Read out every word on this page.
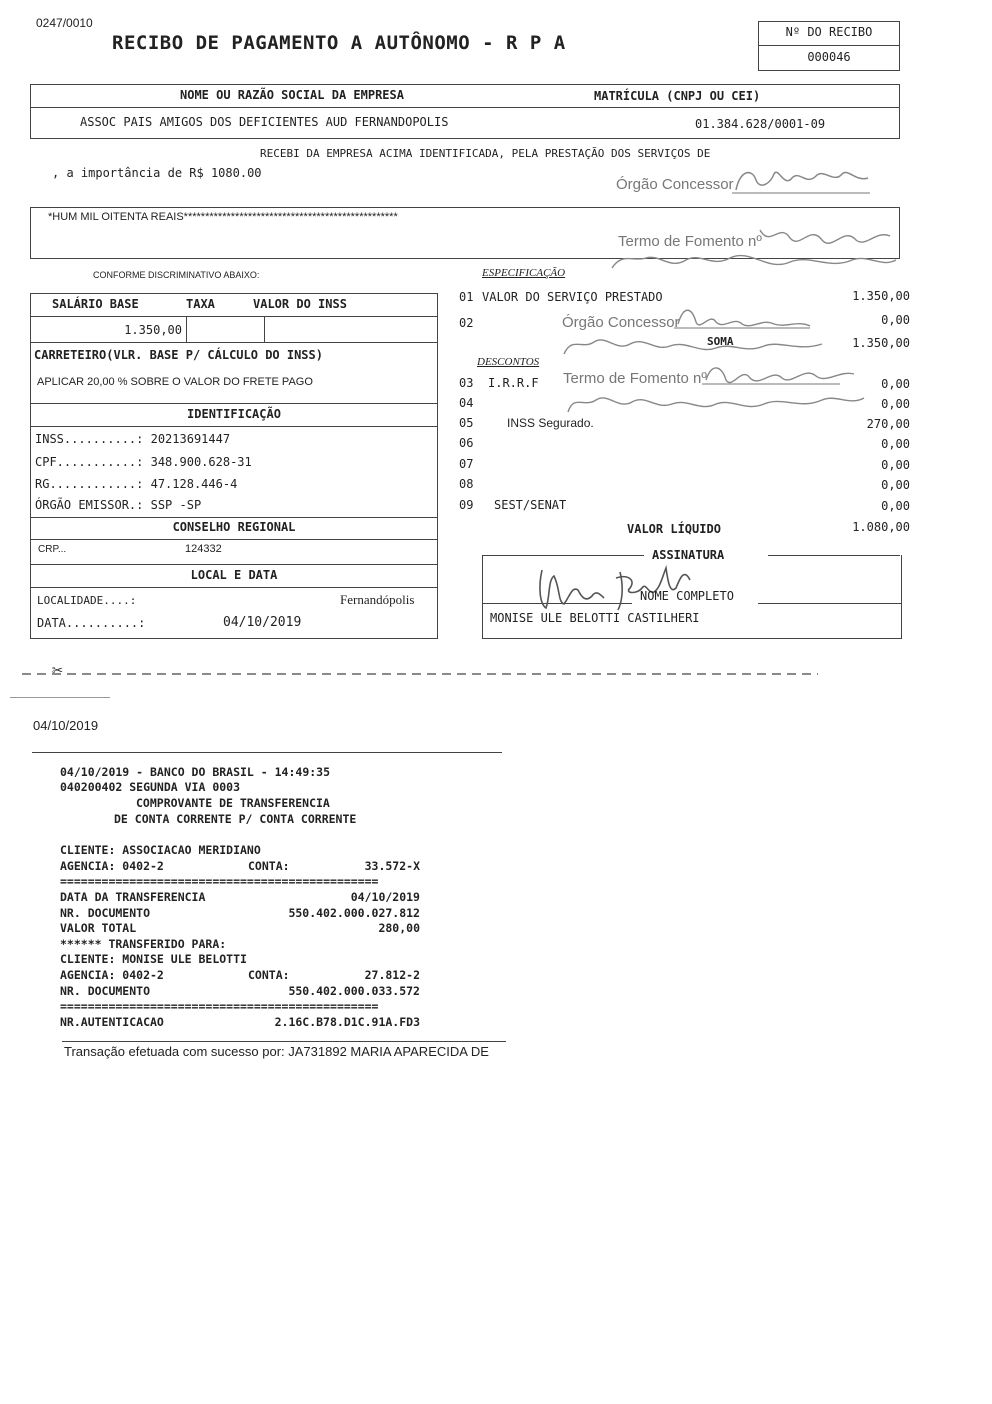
0247/0010
RECIBO DE PAGAMENTO A AUTÔNOMO - R P A	Nº DO RECIBO
000046
NOME OU RAZÃO SOCIAL DA EMPRESA	MATRÍCULA (CNPJ OU CEI)
ASSOC PAIS AMIGOS DOS DEFICIENTES AUD FERNANDOPOLIS	01.384.628/0001-09
RECEBI DA EMPRESA ACIMA IDENTIFICADA, PELA PRESTAÇÃO DOS SERVIÇOS DE
, a importância de R$ 1080.00
Órgão Concessor
*HUM MIL OITENTA REAIS**************************************************
Termo de Fomento nº
CONFORME DISCRIMINATIVO ABAIXO:	ESPECIFICAÇÃO
SALÁRIO BASE	TAXA	VALOR DO INSS
1.350,00
CARRETEIRO(VLR. BASE P/ CÁLCULO DO INSS)
APLICAR 20,00 % SOBRE O VALOR DO FRETE PAGO
IDENTIFICAÇÃO
INSS..........: 20213691447
CPF...........: 348.900.628-31
RG............: 47.128.446-4
ÓRGÃO EMISSOR.: SSP -SP
CONSELHO REGIONAL
CRP...	124332
LOCAL E DATA
LOCALIDADE....:	Fernandópolis
DATA..........:	04/10/2019
01 VALOR DO SERVIÇO PRESTADO	1.350,00
02	0,00
Órgão Concessor
SOMA	1.350,00
DESCONTOS
03 I.R.R.F	0,00
Termo de Fomento nº
04	0,00
05	INSS Segurado.	270,00
06	0,00
07	0,00
08	0,00
09 SEST/SENAT	0,00
VALOR LÍQUIDO	1.080,00
ASSINATURA
NOME COMPLETO
MONISE ULE BELOTTI CASTILHERI
✂
04/10/2019
04/10/2019 - BANCO DO BRASIL - 14:49:35
040200402 SEGUNDA VIA 0003
COMPROVANTE DE TRANSFERENCIA
DE CONTA CORRENTE P/ CONTA CORRENTE
CLIENTE: ASSOCIACAO MERIDIANO
AGENCIA: 0402-2	CONTA:	33.572-X
==============================================
DATA DA TRANSFERENCIA	04/10/2019
NR. DOCUMENTO	550.402.000.027.812
VALOR TOTAL	280,00
****** TRANSFERIDO PARA:
CLIENTE: MONISE ULE BELOTTI
AGENCIA: 0402-2	CONTA:	27.812-2
NR. DOCUMENTO	550.402.000.033.572
==============================================
NR.AUTENTICACAO	2.16C.B78.D1C.91A.FD3
Transação efetuada com sucesso por: JA731892 MARIA APARECIDA DE
